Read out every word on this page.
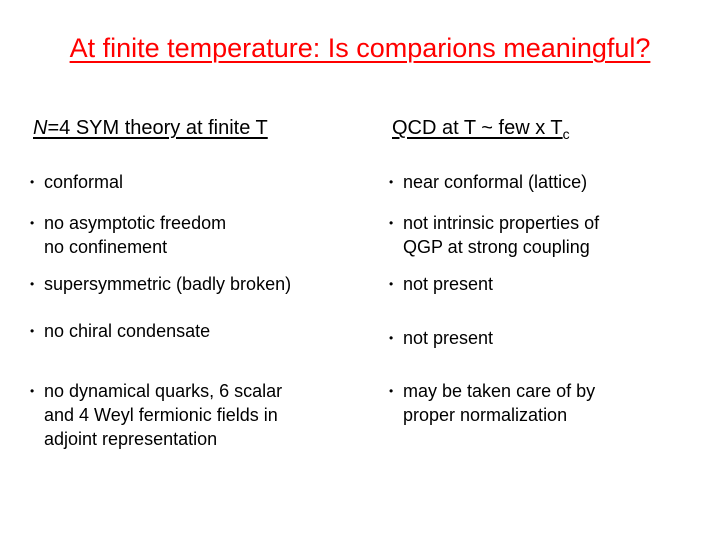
At finite temperature: Is comparions meaningful?
N=4 SYM theory at finite T	QCD at T ~ few x $T_c$
• conformal
• no asymptotic freedom
no confinement
• supersymmetric (badly broken)
• no chiral condensate
• no dynamical quarks, 6 scalar
and 4 Weyl fermionic fields in
adjoint representation
• near conformal (lattice)
• not intrinsic properties of
QGP at strong coupling
• not present
• not present
• may be taken care of by
proper normalization
